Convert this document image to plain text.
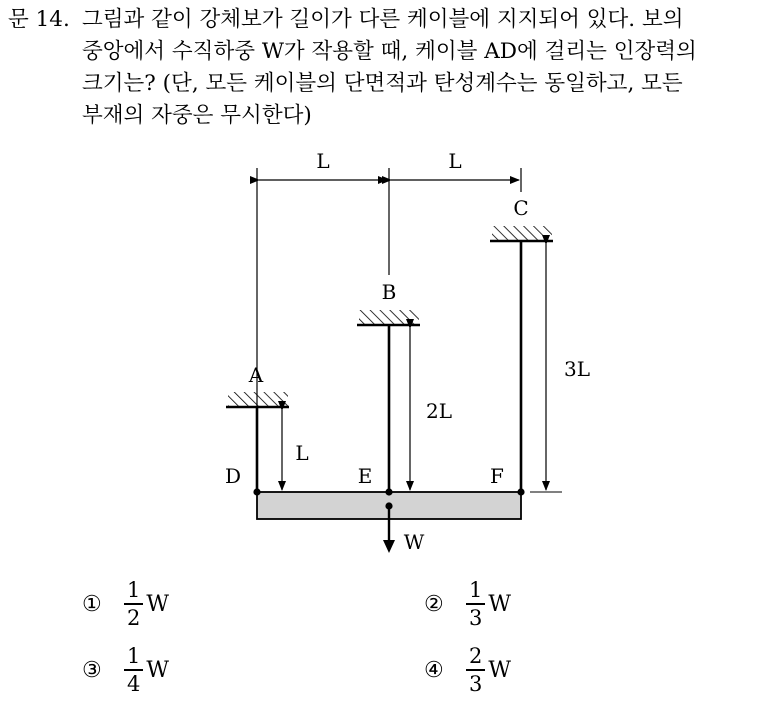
문 14. 그림과 같이 강체보가 길이가 다른 케이블에 지지되어 있다. 보의
중앙에서 수직하중 W가 작용할 때, 케이블 AD에 걸리는 인장력의
크기는? (단, 모든 케이블의 단면적과 탄성계수는 동일하고, 모든
부재의 자중은 무시한다)
L	L
A
B
C
L
2L
3L
D	E	F
W
①	$\frac{1}{2}$ W	②	$\frac{1}{3}$ W
③	$\frac{1}{4}$ W	④	$\frac{2}{3}$ W
